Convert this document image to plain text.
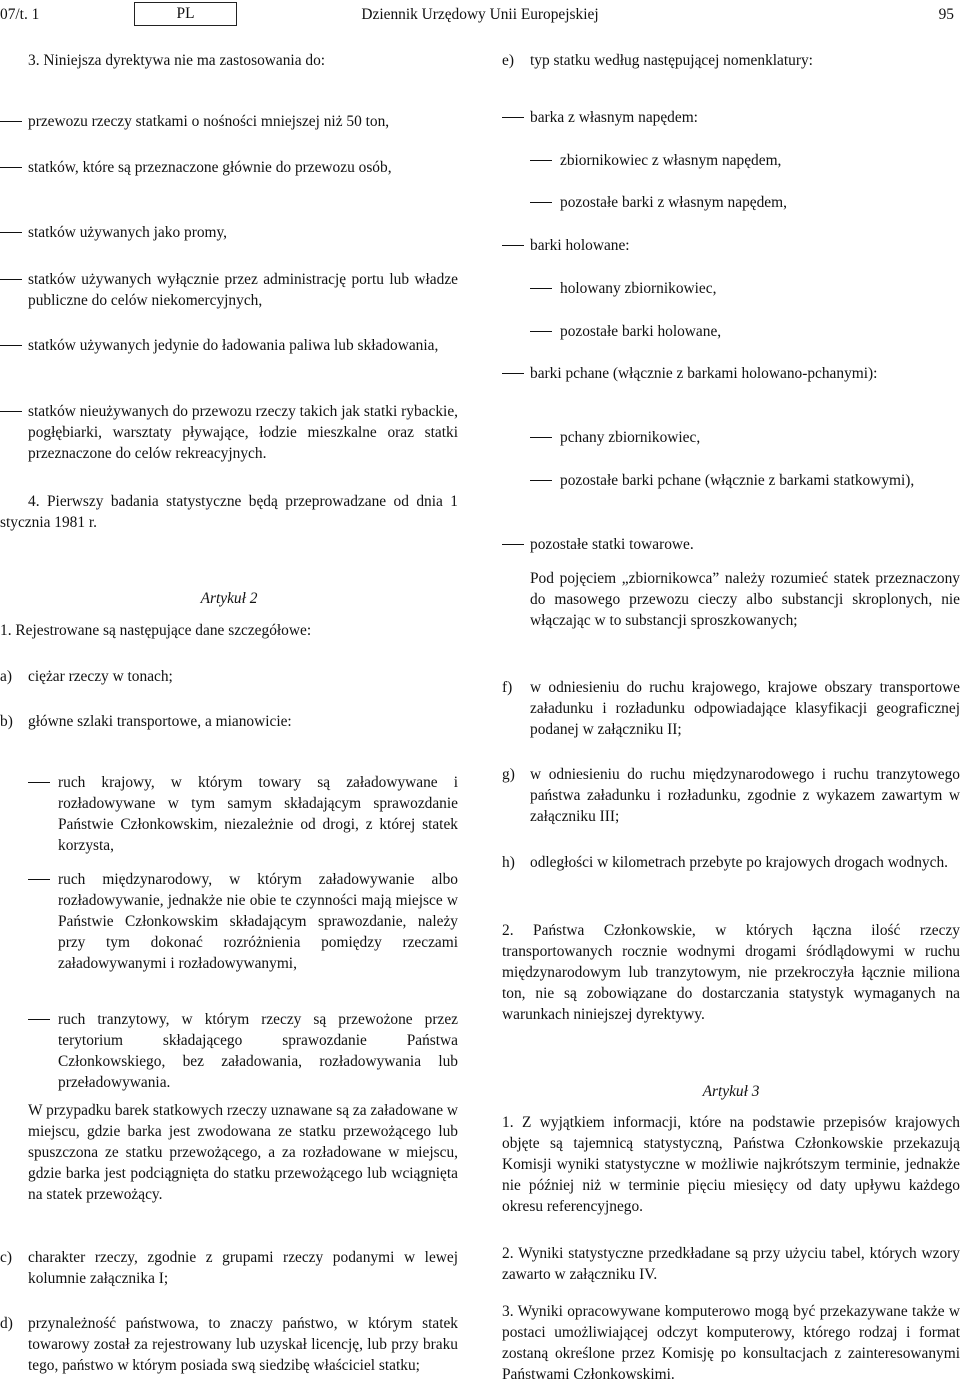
07/t. 1	PL	Dziennik Urzędowy Unii Europejskiej	95

3. Niniejsza dyrektywa nie ma zastosowania do:

przewozu rzeczy statkami o nośności mniejszej niż 50 ton,

statków, które są przeznaczone głównie do przewozu osób,

statków używanych jako promy,

statków używanych wyłącznie przez administrację portu lub władze publiczne do celów niekomercyjnych,

statków używanych jedynie do ładowania paliwa lub składowania,

statków nieużywanych do przewozu rzeczy takich jak statki rybackie, pogłębiarki, warsztaty pływające, łodzie mieszkalne oraz statki przeznaczone do celów rekreacyjnych.

4. Pierwszy badania statystyczne będą przeprowadzane od dnia 1 stycznia 1981 r.

Artykuł 2

1. Rejestrowane są następujące dane szczegółowe:

a) ciężar rzeczy w tonach;
b) główne szlaki transportowe, a mianowicie:

ruch krajowy, w którym towary są załadowywane i rozładowywane w tym samym składającym sprawozdanie Państwie Członkowskim, niezależnie od drogi, z której statek korzysta,

ruch międzynarodowy, w którym załadowywanie albo rozładowywanie, jednakże nie obie te czynności mają miejsce w Państwie Członkowskim składającym sprawozdanie, należy przy tym dokonać rozróżnienia pomiędzy rzeczami załadowywanymi i rozładowywanymi,

ruch tranzytowy, w którym rzeczy są przewożone przez terytorium składającego sprawozdanie Państwa Członkowskiego, bez załadowania, rozładowywania lub przeładowywania.

W przypadku barek statkowych rzeczy uznawane są za załadowane w miejscu, gdzie barka jest zwodowana ze statku przewożącego lub spuszczona ze statku przewożącego, a za rozładowane w miejscu, gdzie barka jest podciągnięta do statku przewożącego lub wciągnięta na statek przewożący.

c) charakter rzeczy, zgodnie z grupami rzeczy podanymi w lewej kolumnie załącznika I;
d) przynależność państwowa, to znaczy państwo, w którym statek towarowy został za rejestrowany lub uzyskał licencję, lub przy braku tego, państwo w którym posiada swą siedzibę właściciel statku;
e) typ statku według następującej nomenklatury:

barka z własnym napędem:

zbiornikowiec z własnym napędem,

pozostałe barki z własnym napędem,

barki holowane:

holowany zbiornikowiec,

pozostałe barki holowane,

barki pchane (włącznie z barkami holowano-pchanymi):

pchany zbiornikowiec,

pozostałe barki pchane (włącznie z barkami statkowymi),

pozostałe statki towarowe.

Pod pojęciem „zbiornikowca” należy rozumieć statek przeznaczony do masowego przewozu cieczy albo substancji skroplonych, nie włączając w to substancji sproszkowanych;

f) w odniesieniu do ruchu krajowego, krajowe obszary transportowe załadunku i rozładunku odpowiadające klasyfikacji geograficznej podanej w załączniku II;
g) w odniesieniu do ruchu międzynarodowego i ruchu tranzytowego państwa załadunku i rozładunku, zgodnie z wykazem zawartym w załączniku III;
h) odległości w kilometrach przebyte po krajowych drogach wodnych.

2. Państwa Członkowskie, w których łączna ilość rzeczy transportowanych rocznie wodnymi drogami śródlądowymi w ruchu międzynarodowym lub tranzytowym, nie przekroczyła łącznie miliona ton, nie są zobowiązane do dostarczania statystyk wymaganych na warunkach niniejszej dyrektywy.

Artykuł 3

1. Z wyjątkiem informacji, które na podstawie przepisów krajowych objęte są tajemnicą statystyczną, Państwa Członkowskie przekazują Komisji wyniki statystyczne w możliwie najkrótszym terminie, jednakże nie później niż w terminie pięciu miesięcy od daty upływu każdego okresu referencyjnego.

2. Wyniki statystyczne przedkładane są przy użyciu tabel, których wzory zawarto w załączniku IV.

3. Wyniki opracowywane komputerowo mogą być przekazywane także w postaci umożliwiającej odczyt komputerowy, którego rodzaj i format zostaną określone przez Komisję po konsultacjach z zainteresowanymi Państwami Członkowskimi.
